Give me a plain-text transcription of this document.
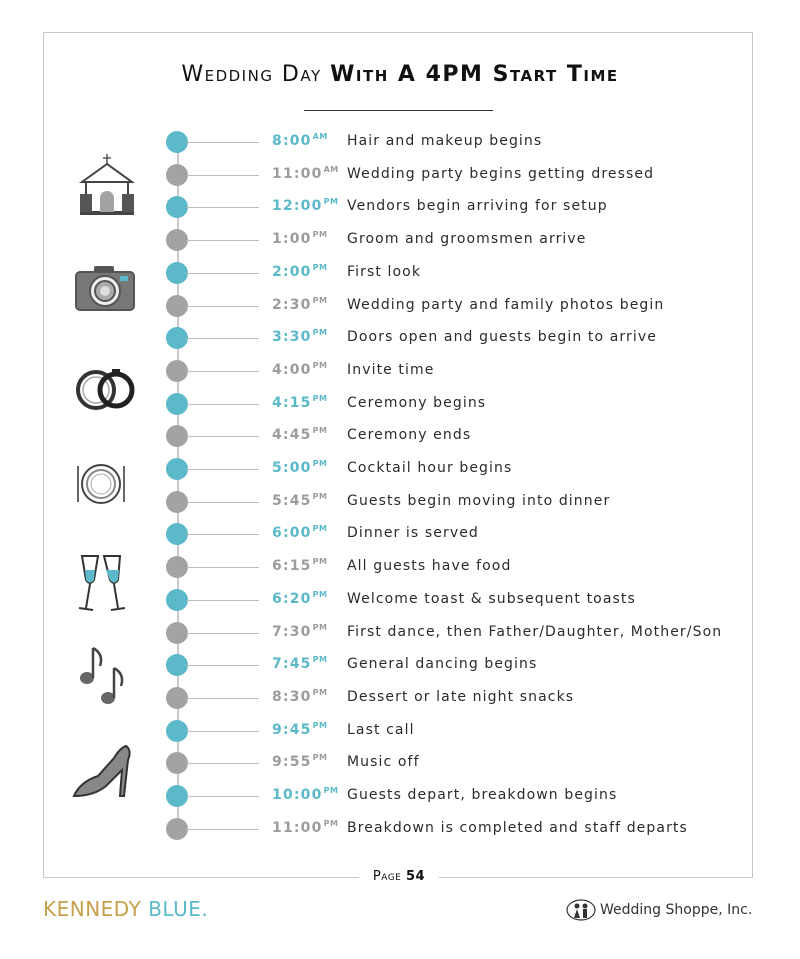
Wedding Day With A 4PM Start Time
$8:00^{AM}$ Hair and makeup begins
$11:00^{AM}$ Wedding party begins getting dressed
$12:00^{PM}$ Vendors begin arriving for setup
$1:00^{PM}$ Groom and groomsmen arrive
$2:00^{PM}$ First look
$2:30^{PM}$ Wedding party and family photos begin
$3:30^{PM}$ Doors open and guests begin to arrive
$4:00^{PM}$ Invite time
$4:15^{PM}$ Ceremony begins
$4:45^{PM}$ Ceremony ends
$5:00^{PM}$ Cocktail hour begins
$5:45^{PM}$ Guests begin moving into dinner
$6:00^{PM}$ Dinner is served
$6:15^{PM}$ All guests have food
$6:20^{PM}$ Welcome toast & subsequent toasts
$7:30^{PM}$ First dance, then Father/Daughter, Mother/Son
$7:45^{PM}$ General dancing begins
$8:30^{PM}$ Dessert or late night snacks
$9:45^{PM}$ Last call
$9:55^{PM}$ Music off
$10:00^{PM}$ Guests depart, breakdown begins
$11:00^{PM}$ Breakdown is completed and staff departs
Page 54
KENNEDY BLUE.	Wedding Shoppe, Inc.
